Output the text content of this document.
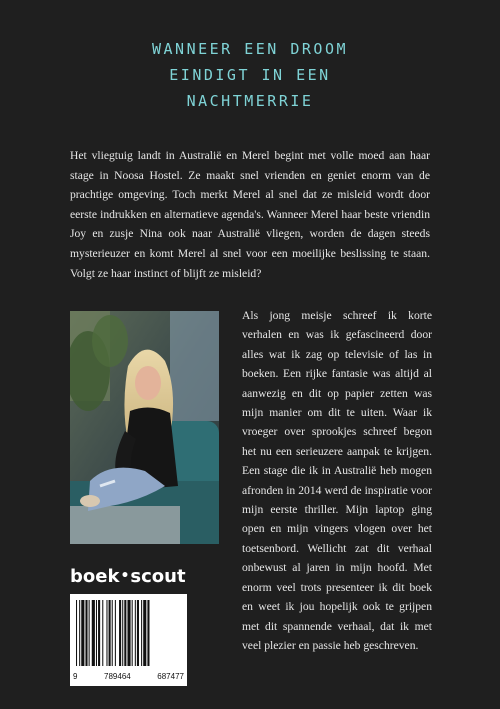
WANNEER EEN DROOM
EINDIGT IN EEN
NACHTMERRIE
Het vliegtuig landt in Australië en Merel begint met volle moed aan haar stage in Noosa Hostel. Ze maakt snel vrienden en geniet enorm van de prachtige omgeving. Toch merkt Merel al snel dat ze misleid wordt door eerste indrukken en alternatieve agenda's. Wanneer Merel haar beste vriendin Joy en zusje Nina ook naar Australië vliegen, worden de dagen steeds mysterieuzer en komt Merel al snel voor een moeilijke beslissing te staan. Volgt ze haar instinct of blijft ze misleid?
Als jong meisje schreef ik korte verhalen en was ik gefascineerd door alles wat ik zag op televisie of las in boeken. Een rijke fantasie was altijd al aanwezig en dit op papier zetten was mijn manier om dit te uiten. Waar ik vroeger over sprookjes schreef begon het nu een serieuzere aanpak te krijgen. Een stage die ik in Australië heb mogen afronden in 2014 werd de inspiratie voor mijn eerste thriller. Mijn laptop ging open en mijn vingers vlogen over het toetsenbord. Wellicht zat dit verhaal onbewust al jaren in mijn hoofd. Met enorm veel trots presenteer ik dit boek en weet ik jou hopelijk ook te grijpen met dit spannende verhaal, dat ik met veel plezier en passie heb geschreven.
boek•scout
9	789464	687477
